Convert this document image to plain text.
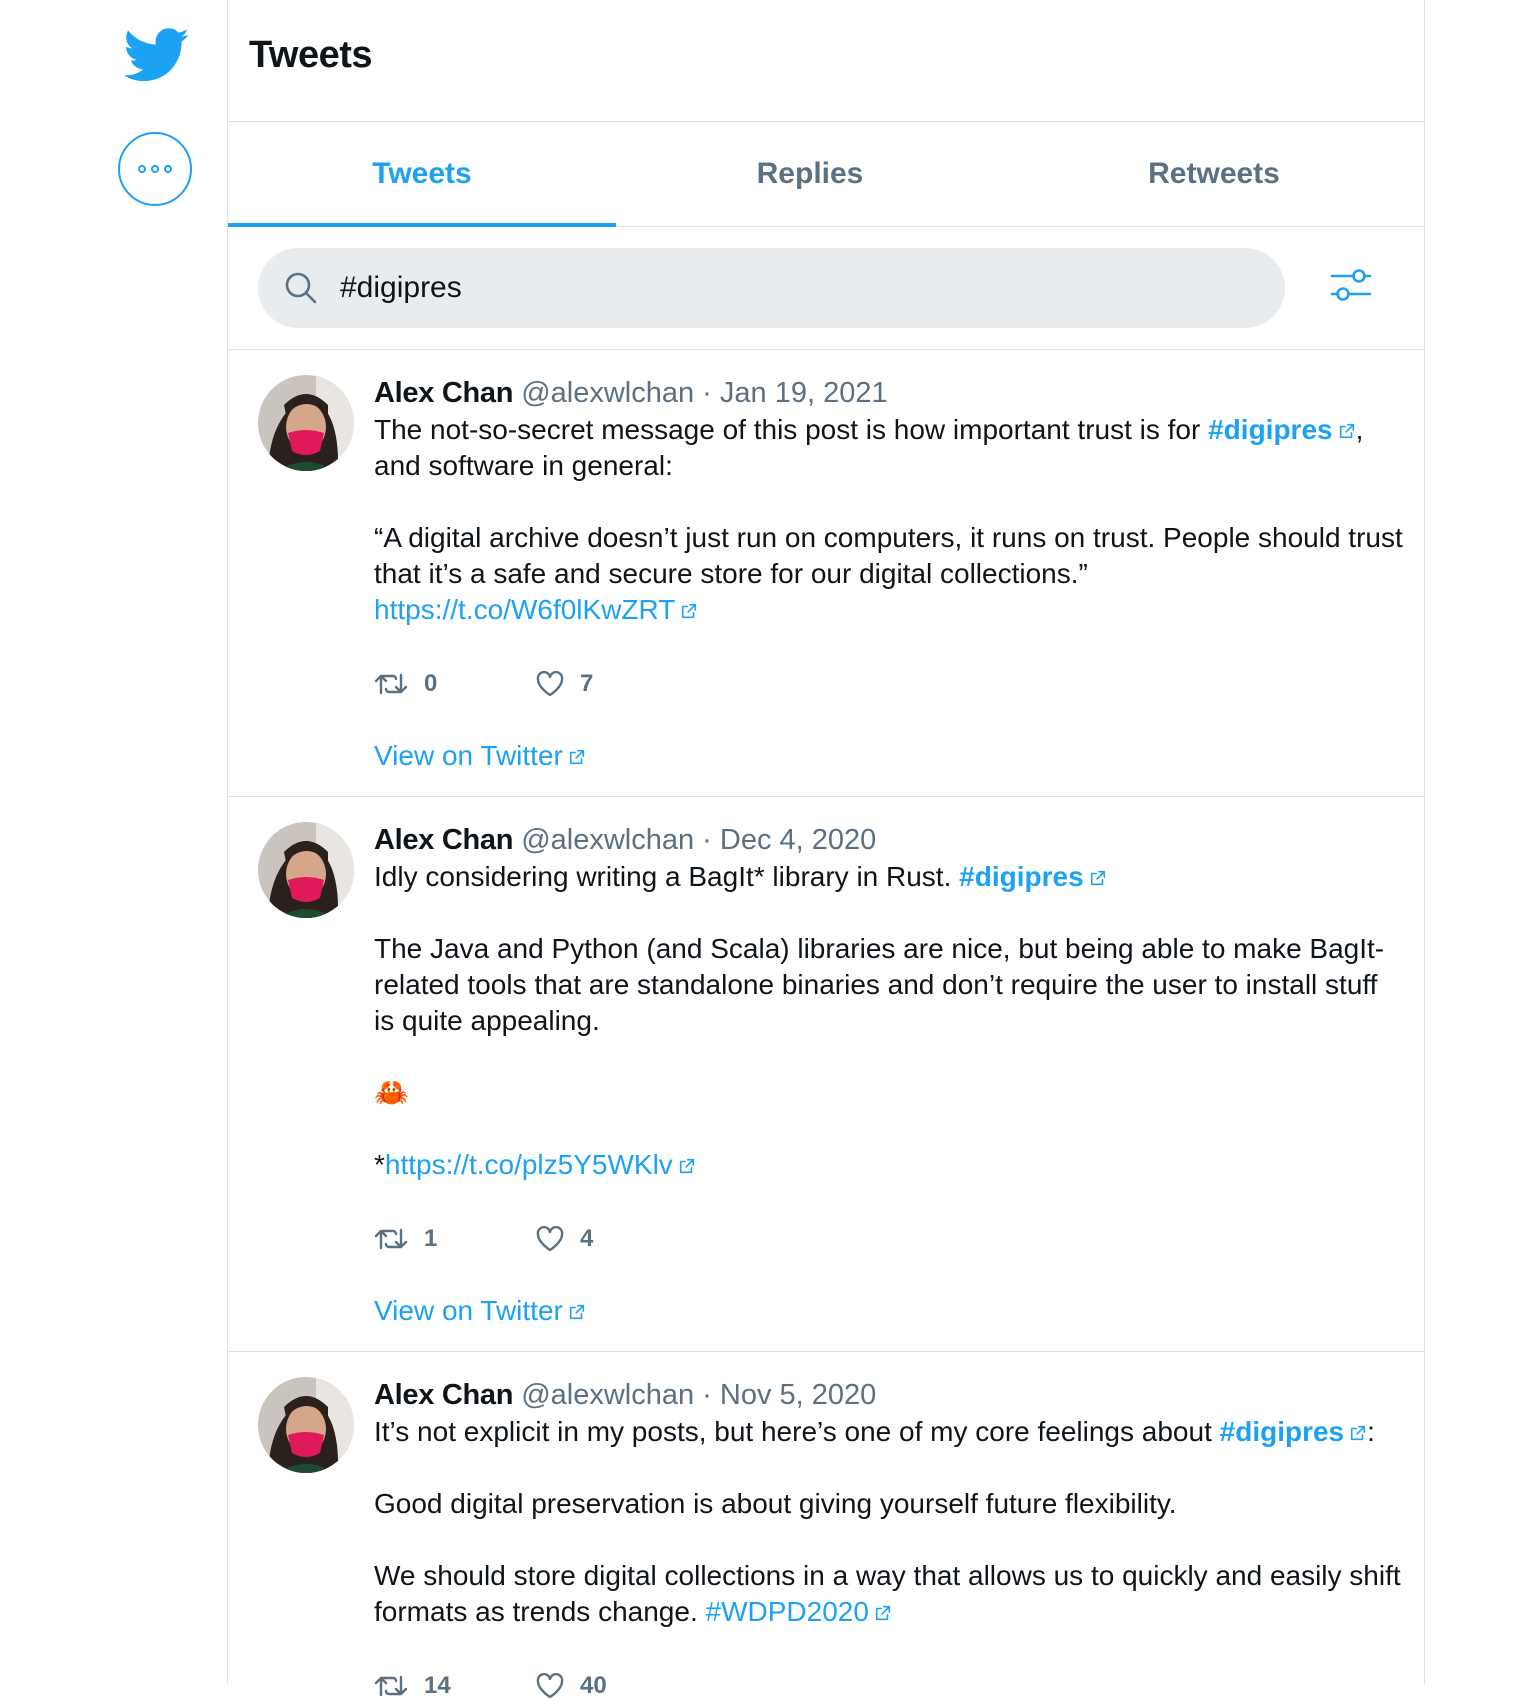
Tweets
Tweets	Replies	Retweets
#digipres
Alex Chan @alexwlchan · Jan 19, 2021

The not-so-secret message of this post is how important trust is for #digipres , and software in general:

“A digital archive doesn’t just run on computers, it runs on trust. People should trust that it’s a safe and secure store for our digital collections.”
https://t.co/W6f0lKwZRT

0	7
View on Twitter
Alex Chan @alexwlchan · Dec 4, 2020

Idly considering writing a BagIt* library in Rust. #digipres

The Java and Python (and Scala) libraries are nice, but being able to make BagIt-related tools that are standalone binaries and don’t require the user to install stuff is quite appealing.

🦀

*https://t.co/plz5Y5WKlv

1	4
View on Twitter
Alex Chan @alexwlchan · Nov 5, 2020

It’s not explicit in my posts, but here’s one of my core feelings about #digipres :

Good digital preservation is about giving yourself future flexibility.

We should store digital collections in a way that allows us to quickly and easily shift formats as trends change. #WDPD2020

14	40
